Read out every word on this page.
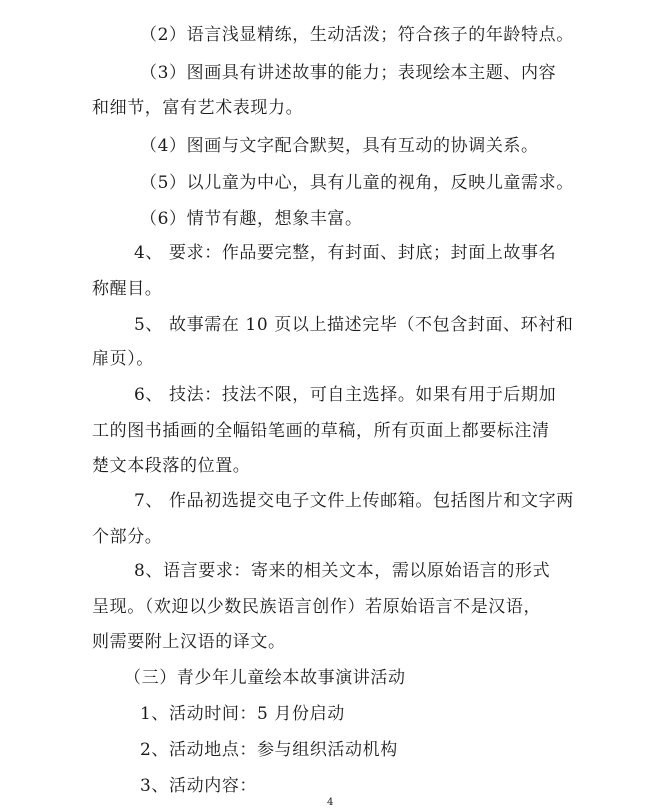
（2）语言浅显精练，生动活泼；符合孩子的年龄特点。
（3）图画具有讲述故事的能力；表现绘本主题、内容
和细节，富有艺术表现力。
（4）图画与文字配合默契，具有互动的协调关系。
（5）以儿童为中心，具有儿童的视角，反映儿童需求。
（6）情节有趣，想象丰富。
4、 要求：作品要完整，有封面、封底；封面上故事名
称醒目。
5、 故事需在 10 页以上描述完毕（不包含封面、环衬和
扉页）。
6、 技法：技法不限，可自主选择。如果有用于后期加
工的图书插画的全幅铅笔画的草稿，所有页面上都要标注清
楚文本段落的位置。
7、 作品初选提交电子文件上传邮箱。包括图片和文字两
个部分。
8、语言要求：寄来的相关文本，需以原始语言的形式
呈现。（欢迎以少数民族语言创作）若原始语言不是汉语，
则需要附上汉语的译文。
（三）青少年儿童绘本故事演讲活动
1、活动时间：5 月份启动
2、活动地点：参与组织活动机构
3、活动内容：
4
